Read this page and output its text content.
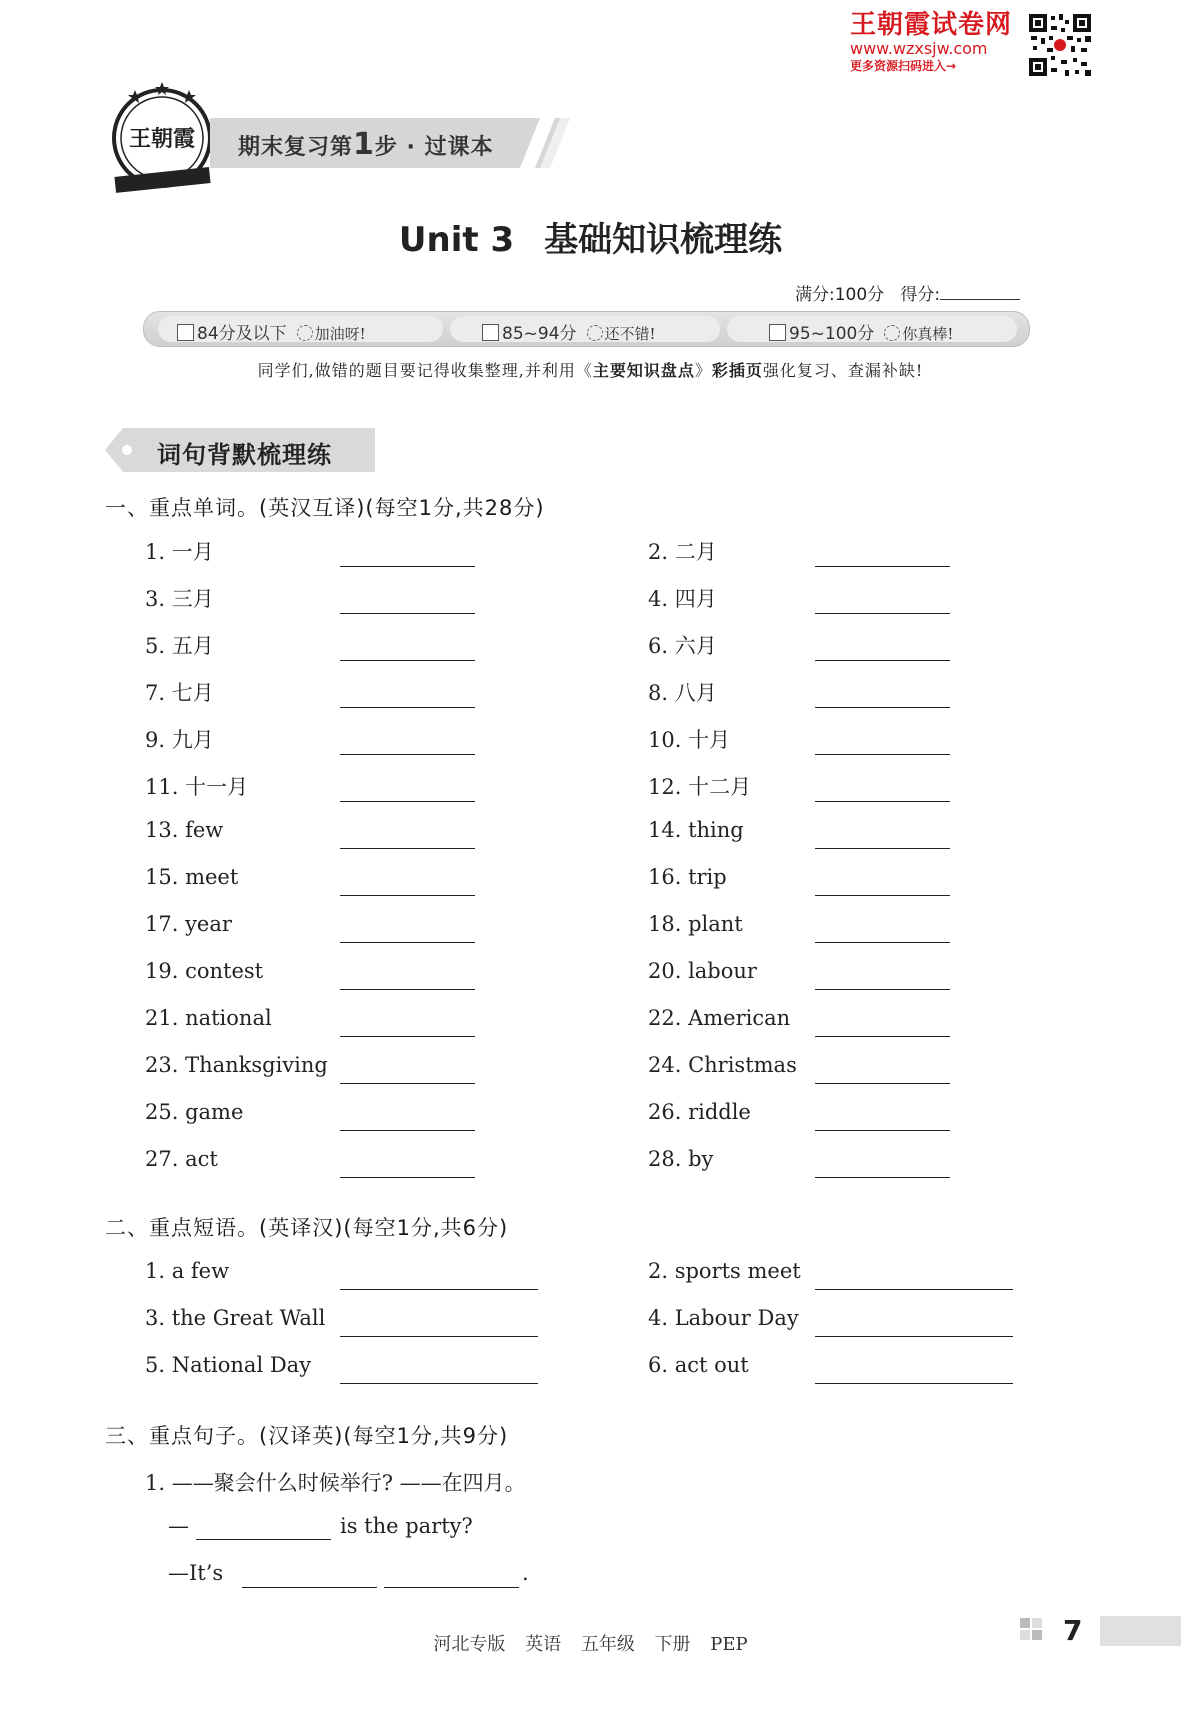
王朝霞试卷网
www.wzxsjw.com
更多资源扫码进入→
王朝霞 期末复习第1步 · 过课本
Unit 3 基础知识梳理练
满分:100分 得分:
84分及以下 加油呀!	85~94分 还不错!	95~100分 你真棒!
同学们,做错的题目要记得收集整理,并利用《主要知识盘点》彩插页强化复习、查漏补缺!
词句背默梳理练
一、重点单词。(英汉互译)(每空1分,共28分)
1. 一月	2. 二月
3. 三月	4. 四月
5. 五月	6. 六月
7. 七月	8. 八月
9. 九月	10. 十月
11. 十一月	12. 十二月
13. few	14. thing
15. meet	16. trip
17. year	18. plant
19. contest	20. labour
21. national	22. American
23. Thanksgiving	24. Christmas
25. game	26. riddle
27. act	28. by
二、重点短语。(英译汉)(每空1分,共6分)
1. a few	2. sports meet
3. the Great Wall	4. Labour Day
5. National Day	6. act out
三、重点句子。(汉译英)(每空1分,共9分)
1. ——聚会什么时候举行? ——在四月。
—	is the party?
—It’s	.
河北专版 英语 五年级 下册 PEP	7
